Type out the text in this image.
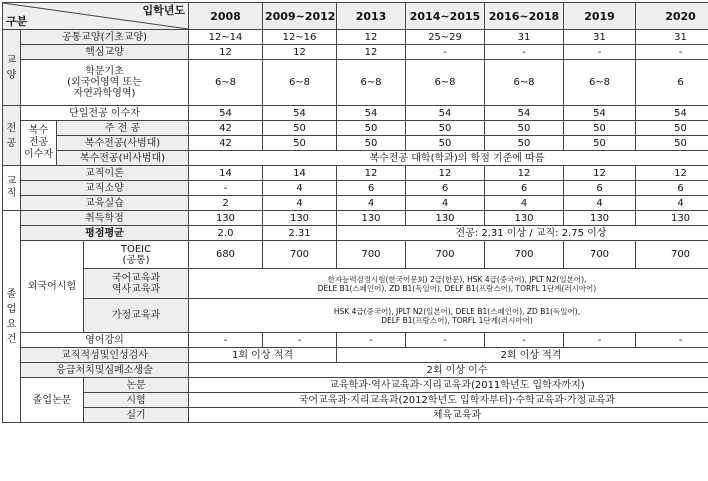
구분
입학년도				2008	2009~2012	2013	2014~2015	2016~2018	2019	2020
교양	공통교양(기초교양)			12~14	12~16	12	25~29	31	31	31
	핵심교양			12	12	12	-	-	-	-
	학문기초
(외국어영역 또는
자연과학영역)			6~8	6~8	6~8	6~8	6~8	6~8	6
전공	단일전공 이수자			54	54	54	54	54	54	54
	복수
전공
이수자	주 전 공		42	50	50	50	50	50	50
		복수전공(사범대)		42	50	50	50	50	50	50
		복수전공(비사범대)		복수전공 대학(학과)의 학점 기준에 따름						
교직	교직이론			14	14	12	12	12	12	12
	교직소양			-	4	6	6	6	6	6
	교육실습			2	4	4	4	4	4	4
졸업요건	취득학점			130	130	130	130	130	130	130
	평점평균			2.0	2.31	전공: 2.31 이상 / 교직: 2.75 이상				
	외국어시험		TOEIC
(공통)	680	700	700	700	700	700	700
			국어교육과
역사교육과	한자능력검정시험(한국어문회) 2급(한문), HSK 4급(중국어), JPLT N2(일본어),
DELE B1(스페인어), ZD B1(독일어), DELF B1(프랑스어), TORFL 1단계(러시아어)						
			가정교육과	HSK 4급(중국어), JPLT N2(일본어), DELE B1(스페인어), ZD B1(독일어),
DELF B1(프랑스어), TORFL 1단계(러시아어)						
	영어강의			-	-	-	-	-	-	-
	교직적성및인성검사			1회 이상 적격		2회 이상 적격				
	응급처치및심폐소생술			2회 이상 이수						
	졸업논문		논문	교육학과·역사교육과·지리교육과(2011학년도 입학자까지)						
			시험	국어교육과·지리교육과(2012학년도 입학자부터)·수학교육과·가정교육과						
			실기	체육교육과						
